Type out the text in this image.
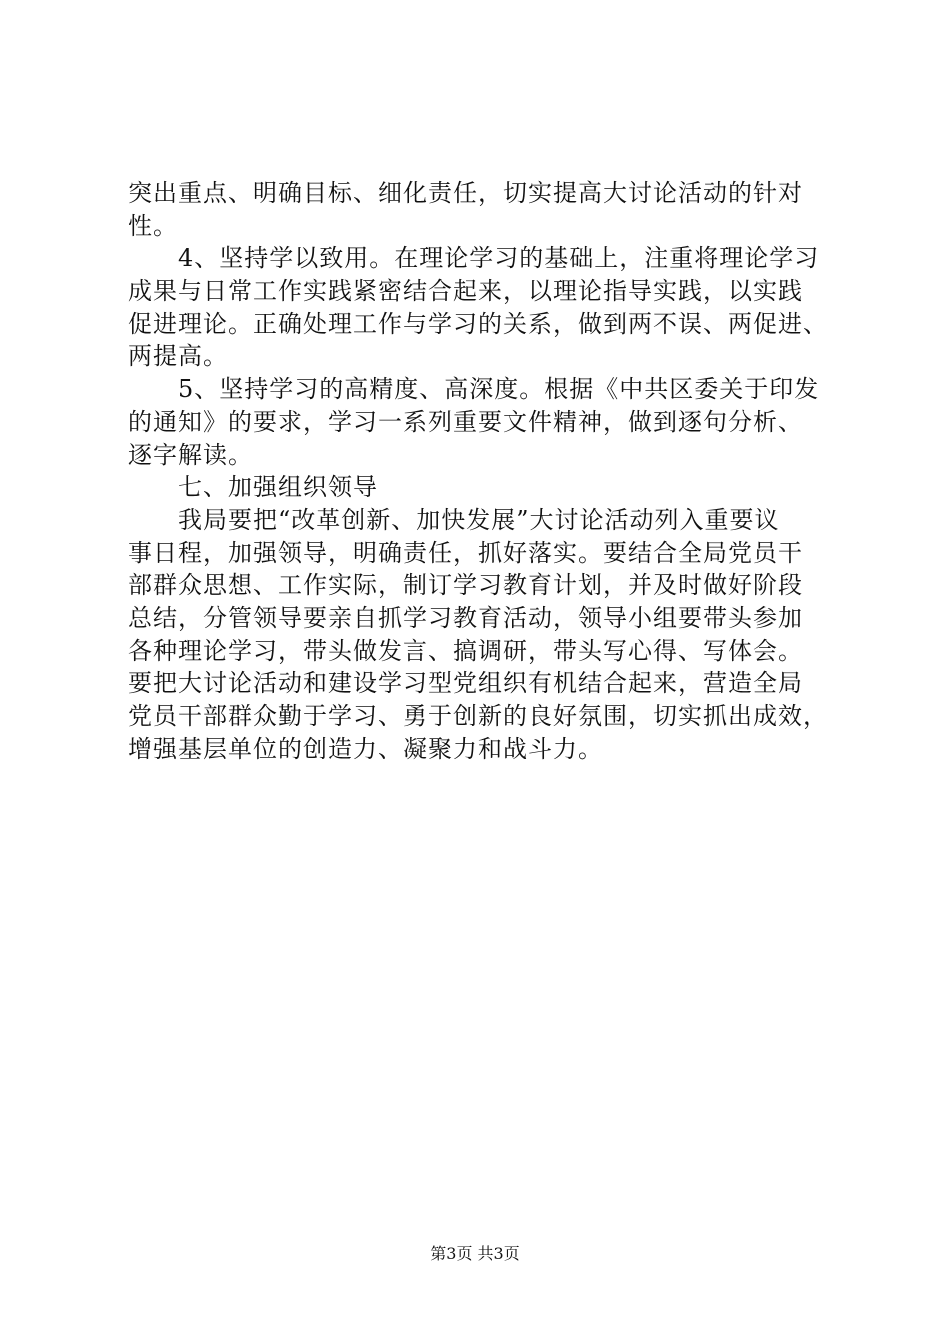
突出重点、明确目标、细化责任，切实提高大讨论活动的针对
性。
4、坚持学以致用。在理论学习的基础上，注重将理论学习
成果与日常工作实践紧密结合起来，以理论指导实践，以实践
促进理论。正确处理工作与学习的关系，做到两不误、两促进、
两提高。
5、坚持学习的高精度、高深度。根据《中共区委关于印发
的通知》的要求，学习一系列重要文件精神，做到逐句分析、
逐字解读。
七、加强组织领导
我局要把“改革创新、加快发展”大讨论活动列入重要议
事日程，加强领导，明确责任，抓好落实。要结合全局党员干
部群众思想、工作实际，制订学习教育计划，并及时做好阶段
总结，分管领导要亲自抓学习教育活动，领导小组要带头参加
各种理论学习，带头做发言、搞调研，带头写心得、写体会。
要把大讨论活动和建设学习型党组织有机结合起来，营造全局
党员干部群众勤于学习、勇于创新的良好氛围，切实抓出成效，
增强基层单位的创造力、凝聚力和战斗力。
第3页 共3页
